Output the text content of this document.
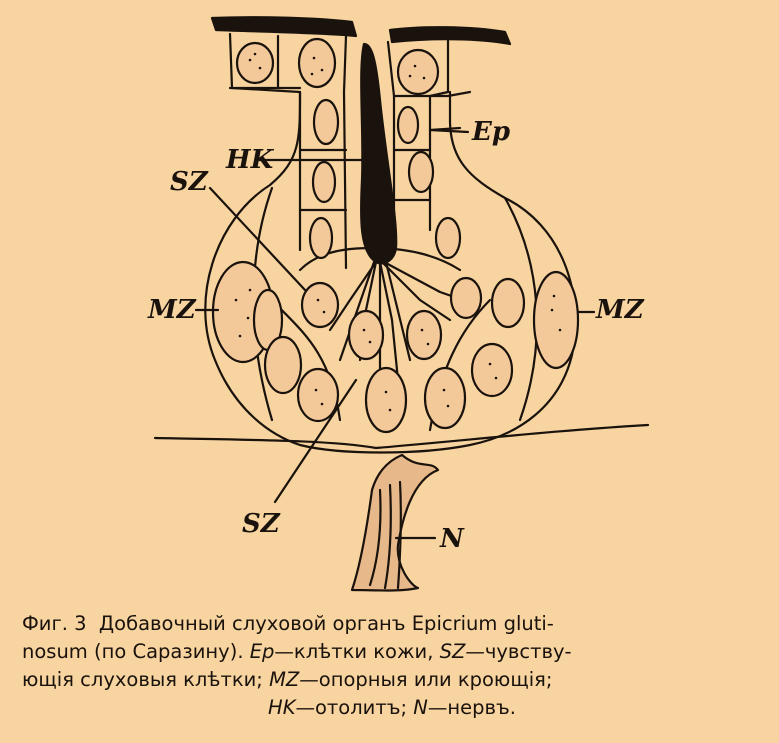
Ep
HK
SZ
MZ	MZ
SZ	N
Фиг. 3 Добавочный слуховой органъ Epicrium gluti-
nosum (по Саразину). Ep—клѣтки кожи, SZ—чувству-
ющія слуховыя клѣтки; MZ—опорныя или кроющія;
HK—отолитъ; N—нервъ.
